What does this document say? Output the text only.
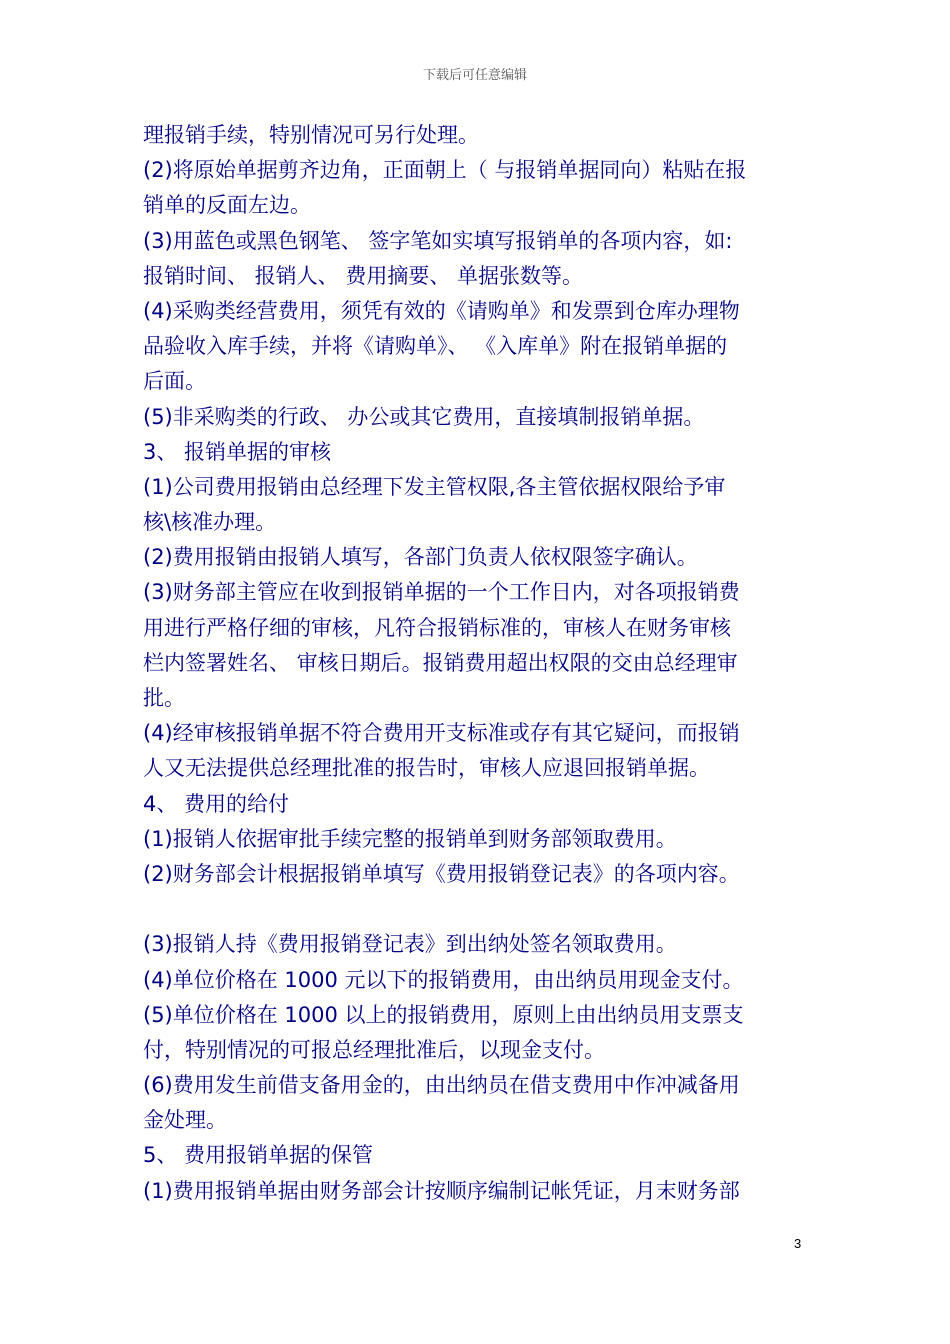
下载后可任意编辑
理报销手续，特别情况可另行处理。
(2)将原始单据剪齐边角，正面朝上（ 与报销单据同向）粘贴在报
销单的反面左边。
(3)用蓝色或黑色钢笔、 签字笔如实填写报销单的各项内容，如:
报销时间、 报销人、 费用摘要、 单据张数等。
(4)采购类经营费用，须凭有效的《请购单》和发票到仓库办理物
品验收入库手续，并将《请购单》、 《入库单》附在报销单据的
后面。
(5)非采购类的行政、 办公或其它费用，直接填制报销单据。
3、 报销单据的审核
(1)公司费用报销由总经理下发主管权限,各主管依据权限给予审
核\核准办理。
(2)费用报销由报销人填写，各部门负责人依权限签字确认。
(3)财务部主管应在收到报销单据的一个工作日内，对各项报销费
用进行严格仔细的审核，凡符合报销标准的，审核人在财务审核
栏内签署姓名、 审核日期后。报销费用超出权限的交由总经理审
批。
(4)经审核报销单据不符合费用开支标准或存有其它疑问，而报销
人又无法提供总经理批准的报告时，审核人应退回报销单据。
4、 费用的给付
(1)报销人依据审批手续完整的报销单到财务部领取费用。
(2)财务部会计根据报销单填写《费用报销登记表》的各项内容。
(3)报销人持《费用报销登记表》到出纳处签名领取费用。
(4)单位价格在 1000 元以下的报销费用，由出纳员用现金支付。
(5)单位价格在 1000 以上的报销费用，原则上由出纳员用支票支
付，特别情况的可报总经理批准后，以现金支付。
(6)费用发生前借支备用金的，由出纳员在借支费用中作冲减备用
金处理。
5、 费用报销单据的保管
(1)费用报销单据由财务部会计按顺序编制记帐凭证，月末财务部
3
